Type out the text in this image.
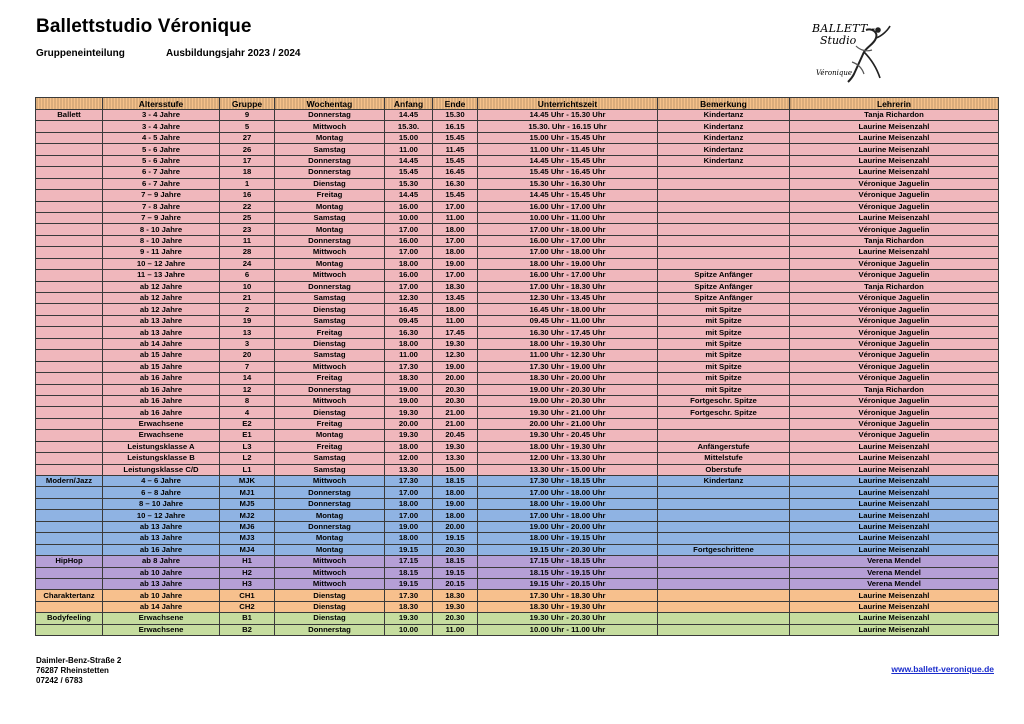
Ballettstudio Véronique
Gruppeneinteilung	Ausbildungsjahr 2023 / 2024
BALLETT -
Studio
Véronique
	Altersstufe	Gruppe	Wochentag	Anfang	Ende	Unterrichtszeit	Bemerkung	Lehrerin
Ballett	3 - 4 Jahre	9	Donnerstag	14.45	15.30	14.45 Uhr - 15.30 Uhr	Kindertanz	Tanja Richardon
	3 - 4 Jahre	5	Mittwoch	15.30.	16.15	15.30. Uhr - 16.15 Uhr	Kindertanz	Laurine Meisenzahl
	4 - 5 Jahre	27	Montag	15.00	15.45	15.00 Uhr - 15.45 Uhr	Kindertanz	Laurine Meisenzahl
	5 - 6 Jahre	26	Samstag	11.00	11.45	11.00 Uhr - 11.45 Uhr	Kindertanz	Laurine Meisenzahl
	5 - 6 Jahre	17	Donnerstag	14.45	15.45	14.45 Uhr - 15.45 Uhr	Kindertanz	Laurine Meisenzahl
	6 - 7 Jahre	18	Donnerstag	15.45	16.45	15.45 Uhr - 16.45 Uhr		Laurine Meisenzahl
	6 - 7 Jahre	1	Dienstag	15.30	16.30	15.30 Uhr - 16.30 Uhr		Véronique Jaguelin
	7 – 9 Jahre	16	Freitag	14.45	15.45	14.45 Uhr - 15.45 Uhr		Véronique Jaguelin
	7 - 8 Jahre	22	Montag	16.00	17.00	16.00 Uhr - 17.00 Uhr		Véronique Jaguelin
	7 – 9 Jahre	25	Samstag	10.00	11.00	10.00 Uhr - 11.00 Uhr		Laurine Meisenzahl
	8 - 10 Jahre	23	Montag	17.00	18.00	17.00 Uhr - 18.00 Uhr		Véronique Jaguelin
	8 - 10 Jahre	11	Donnerstag	16.00	17.00	16.00 Uhr - 17.00 Uhr		Tanja Richardon
	9 - 11 Jahre	28	Mittwoch	17.00	18.00	17.00 Uhr - 18.00 Uhr		Laurine Meisenzahl
	10 – 12 Jahre	24	Montag	18.00	19.00	18.00 Uhr - 19.00 Uhr		Véronique Jaguelin
	11 – 13 Jahre	6	Mittwoch	16.00	17.00	16.00 Uhr - 17.00 Uhr	Spitze Anfänger	Véronique Jaguelin
	ab 12 Jahre	10	Donnerstag	17.00	18.30	17.00 Uhr - 18.30 Uhr	Spitze Anfänger	Tanja Richardon
	ab 12 Jahre	21	Samstag	12.30	13.45	12.30 Uhr - 13.45 Uhr	Spitze Anfänger	Véronique Jaguelin
	ab 12 Jahre	2	Dienstag	16.45	18.00	16.45 Uhr - 18.00 Uhr	mit Spitze	Véronique Jaguelin
	ab 13 Jahre	19	Samstag	09.45	11.00	09.45 Uhr - 11.00 Uhr	mit Spitze	Véronique Jaguelin
	ab 13 Jahre	13	Freitag	16.30	17.45	16.30 Uhr - 17.45 Uhr	mit Spitze	Véronique Jaguelin
	ab 14 Jahre	3	Dienstag	18.00	19.30	18.00 Uhr - 19.30 Uhr	mit Spitze	Véronique Jaguelin
	ab 15 Jahre	20	Samstag	11.00	12.30	11.00 Uhr - 12.30 Uhr	mit Spitze	Véronique Jaguelin
	ab 15 Jahre	7	Mittwoch	17.30	19.00	17.30 Uhr - 19.00 Uhr	mit Spitze	Véronique Jaguelin
	ab 16 Jahre	14	Freitag	18.30	20.00	18.30 Uhr - 20.00 Uhr	mit Spitze	Véronique Jaguelin
	ab 16 Jahre	12	Donnerstag	19.00	20.30	19.00 Uhr - 20.30 Uhr	mit Spitze	Tanja Richardon
	ab 16 Jahre	8	Mittwoch	19.00	20.30	19.00 Uhr - 20.30 Uhr	Fortgeschr. Spitze	Véronique Jaguelin
	ab 16 Jahre	4	Dienstag	19.30	21.00	19.30 Uhr - 21.00 Uhr	Fortgeschr. Spitze	Véronique Jaguelin
	Erwachsene	E2	Freitag	20.00	21.00	20.00 Uhr - 21.00 Uhr		Véronique Jaguelin
	Erwachsene	E1	Montag	19.30	20.45	19.30 Uhr - 20.45 Uhr		Véronique Jaguelin
	Leistungsklasse A	L3	Freitag	18.00	19.30	18.00 Uhr - 19.30 Uhr	Anfängerstufe	Laurine Meisenzahl
	Leistungsklasse B	L2	Samstag	12.00	13.30	12.00 Uhr - 13.30 Uhr	Mittelstufe	Laurine Meisenzahl
	Leistungsklasse C/D	L1	Samstag	13.30	15.00	13.30 Uhr - 15.00 Uhr	Oberstufe	Laurine Meisenzahl
Modern/Jazz	4 – 6 Jahre	MJK	Mittwoch	17.30	18.15	17.30 Uhr - 18.15 Uhr	Kindertanz	Laurine Meisenzahl
	6 – 8 Jahre	MJ1	Donnerstag	17.00	18.00	17.00 Uhr - 18.00 Uhr		Laurine Meisenzahl
	8 – 10 Jahre	MJ5	Donnerstag	18.00	19.00	18.00 Uhr - 19.00 Uhr		Laurine Meisenzahl
	10 – 12 Jahre	MJ2	Montag	17.00	18.00	17.00 Uhr - 18.00 Uhr		Laurine Meisenzahl
	ab 13 Jahre	MJ6	Donnerstag	19.00	20.00	19.00 Uhr - 20.00 Uhr		Laurine Meisenzahl
	ab 13 Jahre	MJ3	Montag	18.00	19.15	18.00 Uhr - 19.15 Uhr		Laurine Meisenzahl
	ab 16 Jahre	MJ4	Montag	19.15	20.30	19.15 Uhr - 20.30 Uhr	Fortgeschrittene	Laurine Meisenzahl
HipHop	ab 8 Jahre	H1	Mittwoch	17.15	18.15	17.15 Uhr - 18.15 Uhr		Verena Mendel
	ab 10 Jahre	H2	Mittwoch	18.15	19.15	18.15 Uhr - 19.15 Uhr		Verena Mendel
	ab 13 Jahre	H3	Mittwoch	19.15	20.15	19.15 Uhr - 20.15 Uhr		Verena Mendel
Charaktertanz	ab 10 Jahre	CH1	Dienstag	17.30	18.30	17.30 Uhr - 18.30 Uhr		Laurine Meisenzahl
	ab 14 Jahre	CH2	Dienstag	18.30	19.30	18.30 Uhr - 19.30 Uhr		Laurine Meisenzahl
Bodyfeeling	Erwachsene	B1	Dienstag	19.30	20.30	19.30 Uhr - 20.30 Uhr		Laurine Meisenzahl
	Erwachsene	B2	Donnerstag	10.00	11.00	10.00 Uhr - 11.00 Uhr		Laurine Meisenzahl
Daimler-Benz-Straße 2
76287 Rheinstetten
07242 / 6783
www.ballett-veronique.de
